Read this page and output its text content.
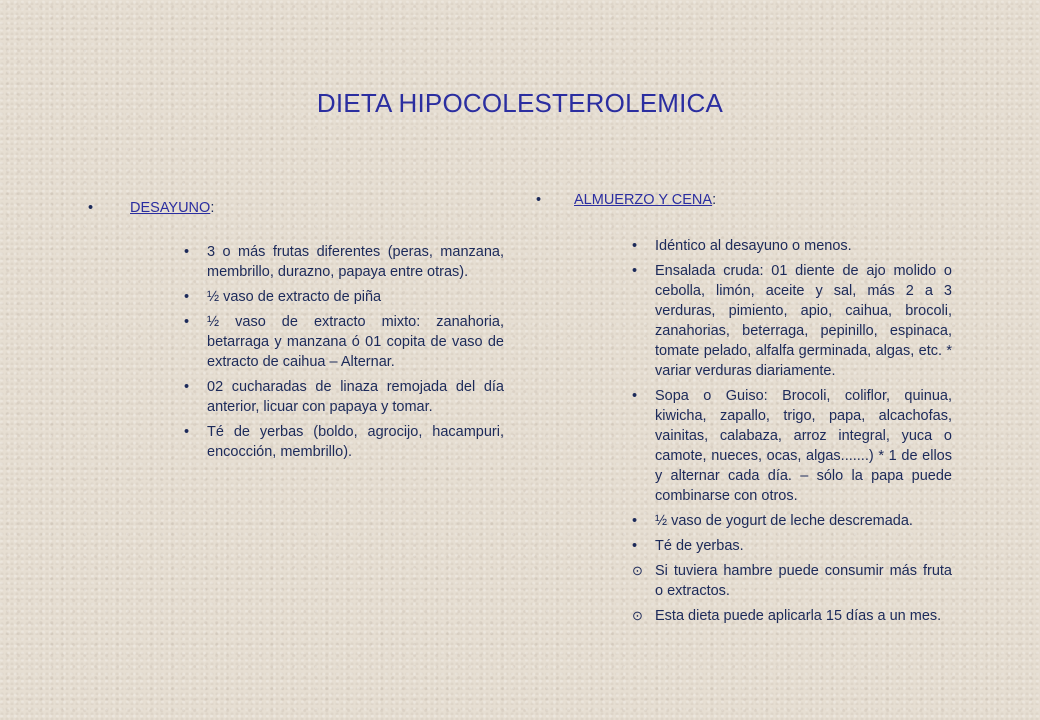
DIETA HIPOCOLESTEROLEMICA
•	DESAYUNO:
•	3 o más frutas diferentes (peras, manzana, membrillo, durazno, papaya entre otras).
•	½ vaso de extracto de piña
•	½ vaso de extracto mixto: zanahoria, betarraga y manzana ó 01 copita de vaso de extracto de caihua – Alternar.
•	02 cucharadas de linaza remojada del día anterior, licuar con papaya y tomar.
•	Té de yerbas (boldo, agrocijo, hacampuri, encocción, membrillo).
•	ALMUERZO Y CENA:
•	Idéntico al desayuno o menos.
•	Ensalada cruda: 01 diente de ajo molido o cebolla, limón, aceite y sal, más 2 a 3 verduras, pimiento, apio, caihua, brocoli, zanahorias, beterraga, pepinillo, espinaca, tomate pelado, alfalfa germinada, algas, etc. * variar verduras diariamente.
•	Sopa o Guiso: Brocoli, coliflor, quinua, kiwicha, zapallo, trigo, papa, alcachofas, vainitas, calabaza, arroz integral, yuca o camote, nueces, ocas, algas.......) * 1 de ellos y alternar cada día. – sólo la papa puede combinarse con otros.
•	½ vaso de yogurt de leche descremada.
•	Té de yerbas.
⊙ Si tuviera hambre puede consumir más fruta o extractos.
⊙ Esta dieta puede aplicarla 15 días a un mes.
